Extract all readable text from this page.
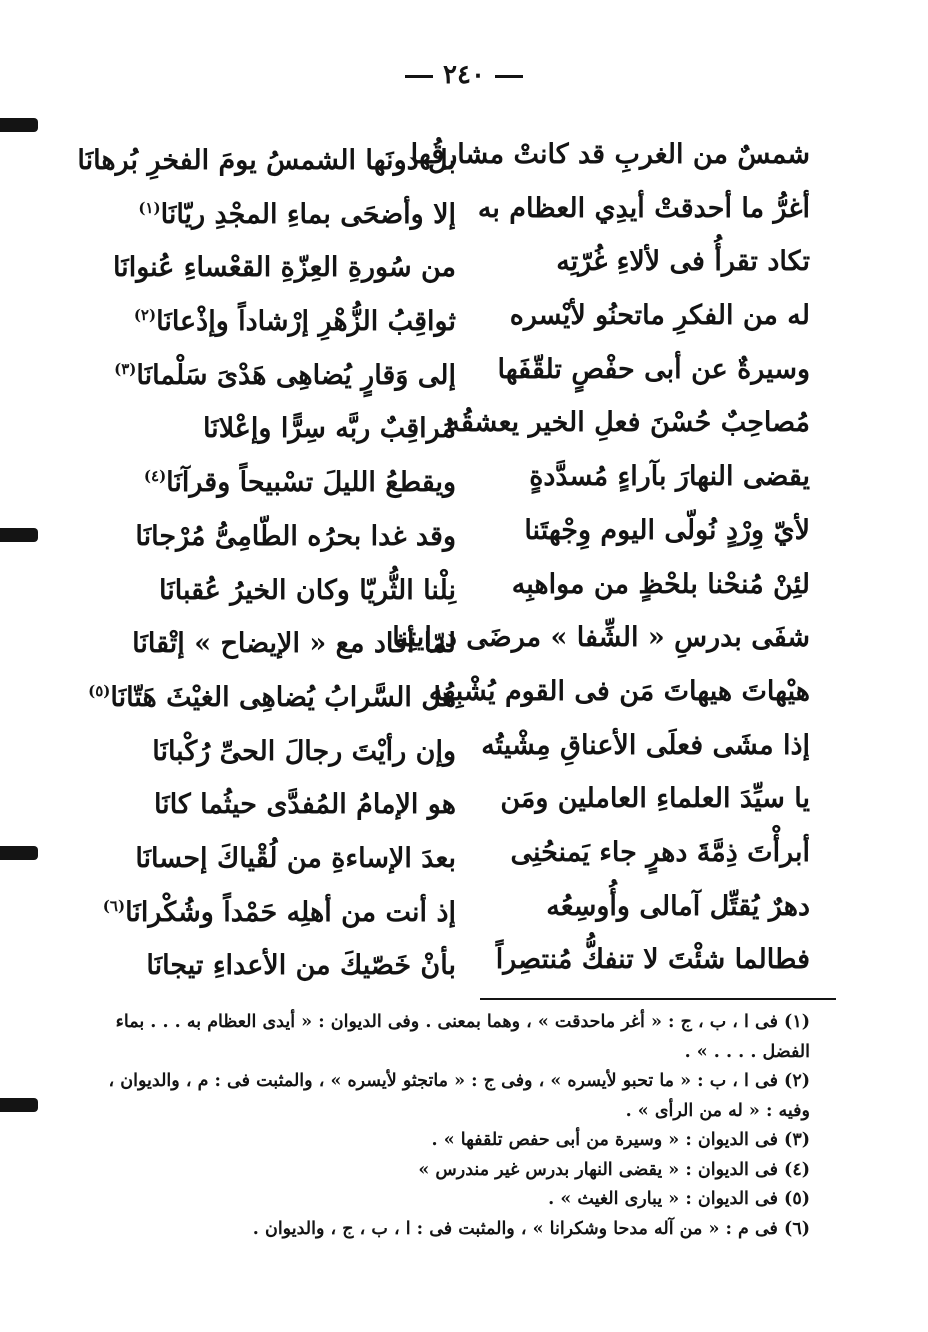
٢٤٠
شمسٌ من الغربِ قد كانتْ مشارقُها
أغرُّ ما أحدقتْ أيدِي العظام به
تكاد تقرأُ فى لألاءِ غُرّتِه
له من الفكرِ ماتحنُو لأيْسره
وسيرةٌ عن أبى حفْصٍ تلقّفَها
مُصاحِبٌ حُسْنَ فعلِ الخير يعشقُه
يقضى النهارَ بآراءٍ مُسدَّدةٍ
لأيّ وِرْدٍ نُولّى اليوم وِجْهتَنا
لئِنْ مُنحْنا بلحْظٍ من مواهبِه
شفَى بدرسِ « الشِّفا » مرضَى درايتِنا
هيْهاتَ هيهاتَ مَن فى القوم يُشْبِهُه
إذا مشَى فعلَى الأعناقِ مِشْيتُه
يا سيِّدَ العلماءِ العاملين ومَن
أبرأْتَ ذِمَّةَ دهرٍ جاء يَمنحُنِى
دهرٌ يُقتِّل آمالى وأُوسِعُه
فطالما شئْتَ لا تنفكُّ مُنتصِراً
بل دونَها الشمسُ يومَ الفخرِ بُرهانَا
إلا وأضحَى بماءِ المجْدِ ريّانَا$^{(١)}$
من سُورةِ العِزّةِ القعْساءِ عُنوانَا
ثواقِبُ الزُّهْرِ إرْشاداً وإذْعانَا$^{(٢)}$
إلى وَقارٍ يُضاهِى هَدْىَ سَلْمانَا$^{(٣)}$
مُراقِبٌ ربَّه سِرًّا وإعْلانَا
ويقطعُ الليلَ تسْبيحاً وقرآنَا$^{(٤)}$
وقد غدا بحرُه الطّامِىُّ مُرْجانَا
نِلْنا الثُّريّا وكان الخيرُ عُقبانَا
لمّا أفاد مع « الإيضاح » إتْقانَا
هل السَّرابُ يُضاهِى الغيْثَ هَتّانَا$^{(٥)}$
وإن رأيْتَ رجالَ الحىِّ رُكْبانَا
هو الإمامُ المُفدَّى حيثُما كانَا
بعدَ الإساءةِ من لُقْياكَ إحسانَا
إذ أنت من أهلِه حَمْداً وشُكْرانَا$^{(٦)}$
بأنْ خَصّيكَ من الأعداءِ تيجانَا
(١) فى ا ، ب ، ج : « أغر ماحدقت » ، وهما بمعنى . وفى الديوان : « أيدى العظام به . . . بماء
الفضل . . . . » .
(٢) فى ا ، ب : « ما تحبو لأيسره » ، وفى ج : « ماتجثو لأيسره » ، والمثبت فى : م ، والديوان ،
وفيه : « له من الرأى » .
(٣) فى الديوان : « وسيرة من أبى حفص تلقفها » .
(٤) فى الديوان : « يقضى النهار بدرس غير مندرس »
(٥) فى الديوان : « يبارى الغيث » .
(٦) فى م : « من آله مدحا وشكرانا » ، والمثبت فى : ا ، ب ، ج ، والديوان .
